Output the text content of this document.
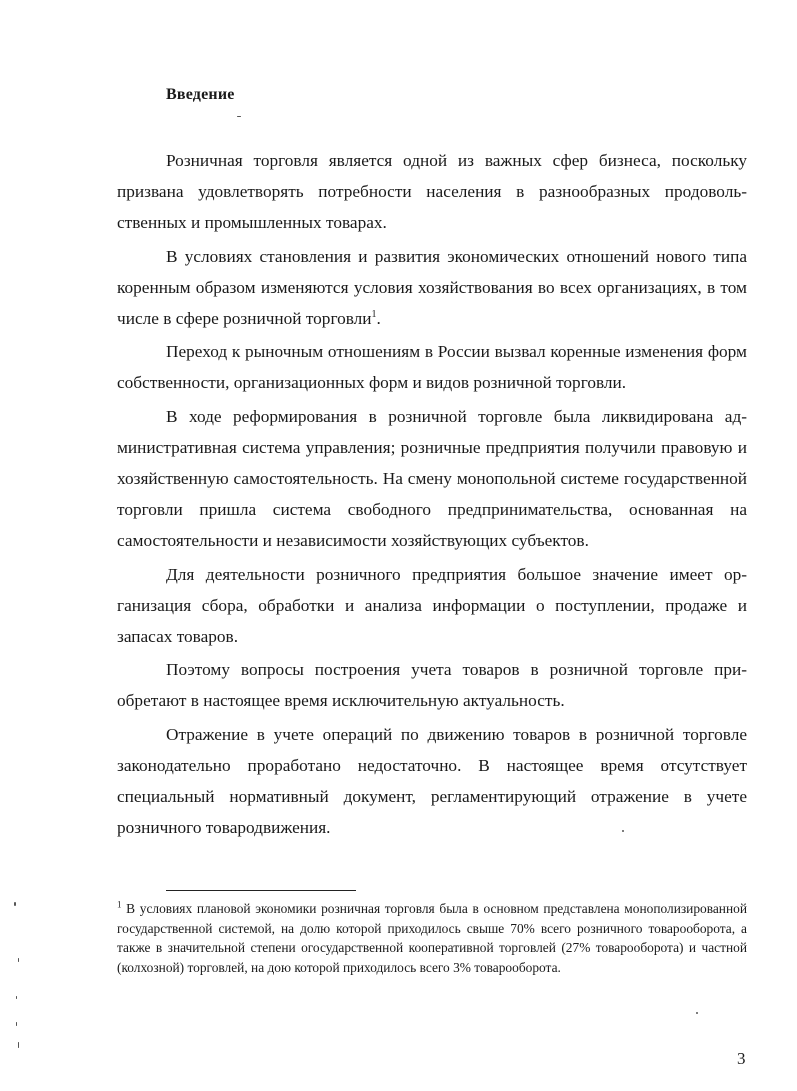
Введение

Розничная торговля является одной из важных сфер бизнеса, поскольку призвана удовлетворять потребности населения в разнообразных продовольственных и промышленных товарах.

В условиях становления и развития экономических отношений нового типа коренным образом изменяются условия хозяйствования во всех организациях, в том числе в сфере розничной торговли$^1$.

Переход к рыночным отношениям в России вызвал коренные изменения форм собственности, организационных форм и видов розничной торговли.

В ходе реформирования в розничной торговле была ликвидирована административная система управления; розничные предприятия получили правовую и хозяйственную самостоятельность. На смену монопольной системе государственной торговли пришла система свободного предпринимательства, основанная на самостоятельности и независимости хозяйствующих субъектов.

Для деятельности розничного предприятия большое значение имеет организация сбора, обработки и анализа информации о поступлении, продаже и запасах товаров.

Поэтому вопросы построения учета товаров в розничной торговле приобретают в настоящее время исключительную актуальность.

Отражение в учете операций по движению товаров в розничной торговле законодательно проработано недостаточно. В настоящее время отсутствует специальный нормативный документ, регламентирующий отражение в учете розничного товародвижения.

$^1$ В условиях плановой экономики розничная торговля была в основном представлена монополизированной государственной системой, на долю которой приходилось свыше 70% всего розничного товарооборота, а также в значительной степени огосударственной кооперативной торговлей (27% товарооборота) и частной (колхозной) торговлей, на дою которой приходилось всего 3% товарооборота.
3
